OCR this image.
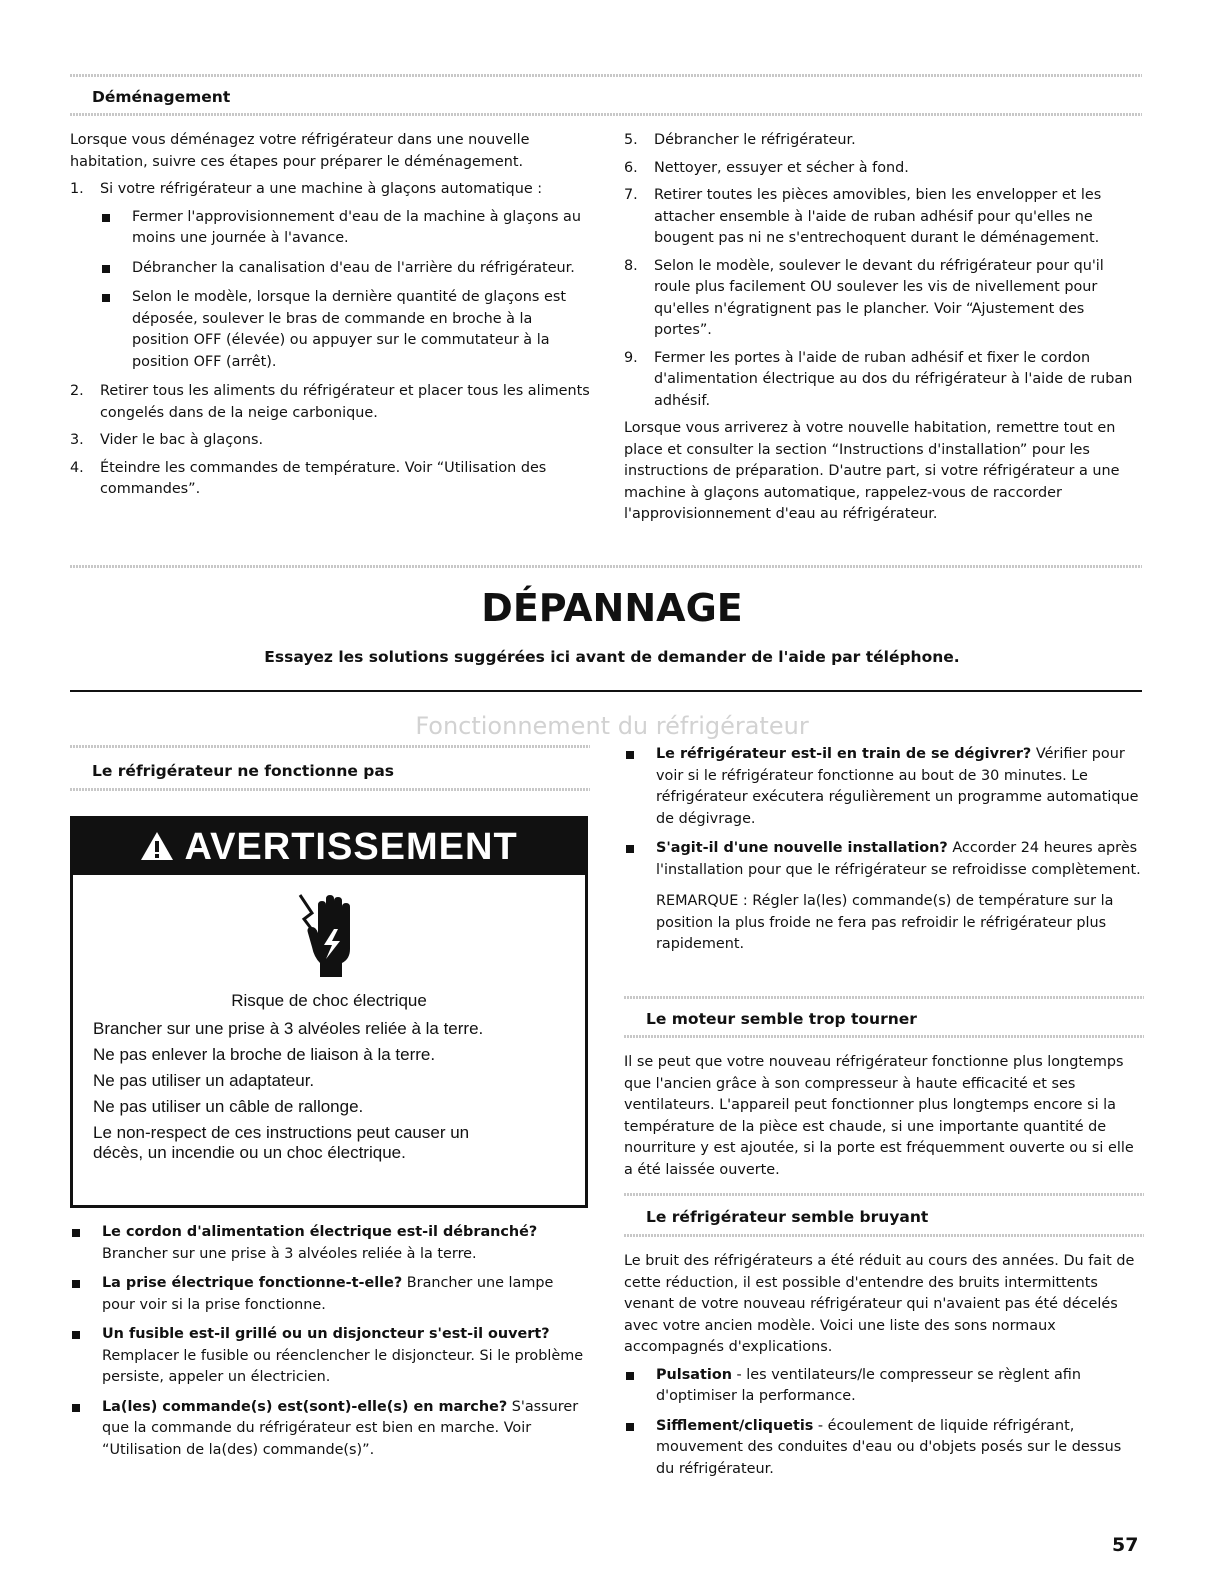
Déménagement

Lorsque vous déménagez votre réfrigérateur dans une nouvelle habitation, suivre ces étapes pour préparer le déménagement.

1. Si votre réfrigérateur a une machine à glaçons automatique :
Fermer l'approvisionnement d'eau de la machine à glaçons au moins une journée à l'avance.
Débrancher la canalisation d'eau de l'arrière du réfrigérateur.
Selon le modèle, lorsque la dernière quantité de glaçons est déposée, soulever le bras de commande en broche à la position OFF (élevée) ou appuyer sur le commutateur à la position OFF (arrêt).
2. Retirer tous les aliments du réfrigérateur et placer tous les aliments congelés dans de la neige carbonique.
3. Vider le bac à glaçons.
4. Éteindre les commandes de température. Voir “Utilisation des commandes”.
5. Débrancher le réfrigérateur.
6. Nettoyer, essuyer et sécher à fond.
7. Retirer toutes les pièces amovibles, bien les envelopper et les attacher ensemble à l'aide de ruban adhésif pour qu'elles ne bougent pas ni ne s'entrechoquent durant le déménagement.
8. Selon le modèle, soulever le devant du réfrigérateur pour qu'il roule plus facilement OU soulever les vis de nivellement pour qu'elles n'égratignent pas le plancher. Voir “Ajustement des portes”.
9. Fermer les portes à l'aide de ruban adhésif et fixer le cordon d'alimentation électrique au dos du réfrigérateur à l'aide de ruban adhésif.

Lorsque vous arriverez à votre nouvelle habitation, remettre tout en place et consulter la section “Instructions d'installation” pour les instructions de préparation. D'autre part, si votre réfrigérateur a une machine à glaçons automatique, rappelez-vous de raccorder l'approvisionnement d'eau au réfrigérateur.

DÉPANNAGE
Essayez les solutions suggérées ici avant de demander de l'aide par téléphone.
Fonctionnement du réfrigérateur
Le réfrigérateur ne fonctionne pas
AVERTISSEMENT
Risque de choc électrique
Brancher sur une prise à 3 alvéoles reliée à la terre.
Ne pas enlever la broche de liaison à la terre.
Ne pas utiliser un adaptateur.
Ne pas utiliser un câble de rallonge.
Le non-respect de ces instructions peut causer un décès, un incendie ou un choc électrique.
Le cordon d'alimentation électrique est-il débranché? Brancher sur une prise à 3 alvéoles reliée à la terre.
La prise électrique fonctionne-t-elle? Brancher une lampe pour voir si la prise fonctionne.
Un fusible est-il grillé ou un disjoncteur s'est-il ouvert? Remplacer le fusible ou réenclencher le disjoncteur. Si le problème persiste, appeler un électricien.
La(les) commande(s) est(sont)-elle(s) en marche? S'assurer que la commande du réfrigérateur est bien en marche. Voir “Utilisation de la(des) commande(s)”.
Le réfrigérateur est-il en train de se dégivrer? Vérifier pour voir si le réfrigérateur fonctionne au bout de 30 minutes. Le réfrigérateur exécutera régulièrement un programme automatique de dégivrage.
S'agit-il d'une nouvelle installation? Accorder 24 heures après l'installation pour que le réfrigérateur se refroidisse complètement.
REMARQUE : Régler la(les) commande(s) de température sur la position la plus froide ne fera pas refroidir le réfrigérateur plus rapidement.
Le moteur semble trop tourner

Il se peut que votre nouveau réfrigérateur fonctionne plus longtemps que l'ancien grâce à son compresseur à haute efficacité et ses ventilateurs. L'appareil peut fonctionner plus longtemps encore si la température de la pièce est chaude, si une importante quantité de nourriture y est ajoutée, si la porte est fréquemment ouverte ou si elle a été laissée ouverte.

Le réfrigérateur semble bruyant

Le bruit des réfrigérateurs a été réduit au cours des années. Du fait de cette réduction, il est possible d'entendre des bruits intermittents venant de votre nouveau réfrigérateur qui n'avaient pas été décelés avec votre ancien modèle. Voici une liste des sons normaux accompagnés d'explications.

Pulsation - les ventilateurs/le compresseur se règlent afin d'optimiser la performance.
Sifflement/cliquetis - écoulement de liquide réfrigérant, mouvement des conduites d'eau ou d'objets posés sur le dessus du réfrigérateur.
57
